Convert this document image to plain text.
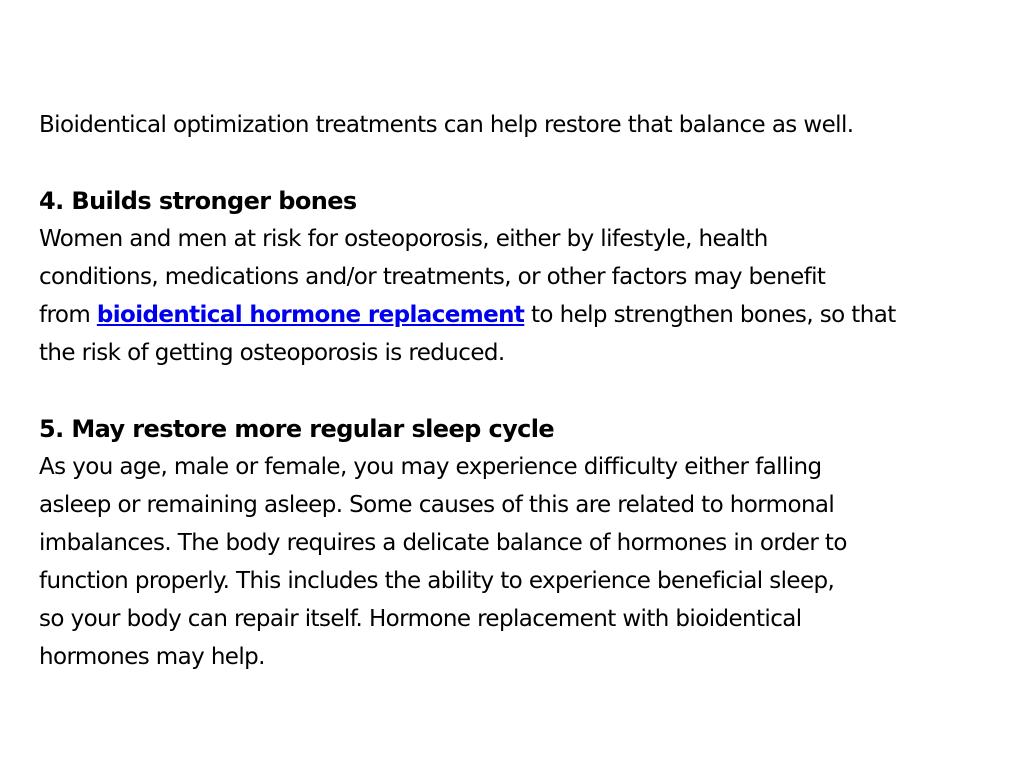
Bioidentical optimization treatments can help restore that balance as well.
4. Builds stronger bones
Women and men at risk for osteoporosis, either by lifestyle, health
conditions, medications and/or treatments, or other factors may benefit
from bioidentical hormone replacement to help strengthen bones, so that
the risk of getting osteoporosis is reduced.
5. May restore more regular sleep cycle
As you age, male or female, you may experience difficulty either falling
asleep or remaining asleep. Some causes of this are related to hormonal
imbalances. The body requires a delicate balance of hormones in order to
function properly. This includes the ability to experience beneficial sleep,
so your body can repair itself. Hormone replacement with bioidentical
hormones may help.
